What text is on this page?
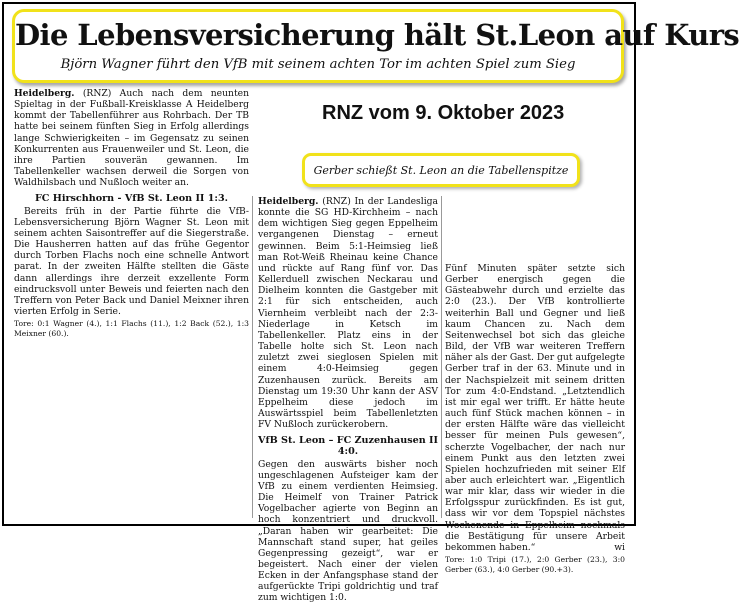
Die Lebensversicherung hält St.Leon auf Kurs
Björn Wagner führt den VfB mit seinem achten Tor im achten Spiel zum Sieg

Heidelberg. (RNZ) Auch nach dem neunten Spieltag in der Fußball-Kreisklasse A Heidelberg kommt der Tabellenführer aus Rohrbach. Der TB hatte bei seinem fünften Sieg in Erfolg allerdings lange Schwierigkeiten – im Gegensatz zu seinen Konkurrenten aus Frauenweiler und St. Leon, die ihre Partien souverän gewannen. Im Tabellenkeller wachsen derweil die Sorgen von Waldhilsbach und Nußloch weiter an.

FC Hirschhorn - VfB St. Leon II 1:3.

Bereits früh in der Partie führte die VfB-Lebensversicherung Björn Wagner St. Leon mit seinem achten Saisontreffer auf die Siegerstraße. Die Hausherren hatten auf das frühe Gegentor durch Torben Flachs noch eine schnelle Antwort parat. In der zweiten Hälfte stellten die Gäste dann allerdings ihre derzeit exzellente Form eindrucksvoll unter Beweis und feierten nach den Treffern von Peter Back und Daniel Meixner ihren vierten Erfolg in Serie.

Tore: 0:1 Wagner (4.), 1:1 Flachs (11.), 1:2 Back (52.), 1:3 Meixner (60.).

RNZ vom 9. Oktober 2023
Gerber schießt St. Leon an die Tabellenspitze

Heidelberg. (RNZ) In der Landesliga konnte die SG HD-Kirchheim – nach dem wichtigen Sieg gegen Eppelheim vergangenen Dienstag – erneut gewinnen. Beim 5:1-Heimsieg ließ man Rot-Weiß Rheinau keine Chance und rückte auf Rang fünf vor. Das Kellerduell zwischen Neckarau und Dielheim konnten die Gastgeber mit 2:1 für sich entscheiden, auch Viernheim verbleibt nach der 2:3-Niederlage in Ketsch im Tabellenkeller. Platz eins in der Tabelle holte sich St. Leon nach zuletzt zwei sieglosen Spielen mit einem 4:0-Heimsieg gegen Zuzenhausen zurück. Bereits am Dienstag um 19:30 Uhr kann der ASV Eppelheim diese jedoch im Auswärtsspiel beim Tabellenletzten FV Nußloch zurückerobern.

VfB St. Leon – FC Zuzenhausen II 4:0.

Gegen den auswärts bisher noch ungeschlagenen Aufsteiger kam der VfB zu einem verdienten Heimsieg. Die Heimelf von Trainer Patrick Vogelbacher agierte von Beginn an hoch konzentriert und druckvoll. „Daran haben wir gearbeitet: Die Mannschaft stand super, hat geiles Gegenpressing gezeigt“, war er begeistert. Nach einer der vielen Ecken in der Anfangsphase stand der aufgerückte Tripi goldrichtig und traf zum wichtigen 1:0.

Fünf Minuten später setzte sich Gerber energisch gegen die Gästeabwehr durch und erzielte das 2:0 (23.). Der VfB kontrollierte weiterhin Ball und Gegner und ließ kaum Chancen zu. Nach dem Seitenwechsel bot sich das gleiche Bild, der VfB war weiteren Treffern näher als der Gast. Der gut aufgelegte Gerber traf in der 63. Minute und in der Nachspielzeit mit seinem dritten Tor zum 4:0-Endstand. „Letztendlich ist mir egal wer trifft. Er hätte heute auch fünf Stück machen können – in der ersten Hälfte wäre das vielleicht besser für meinen Puls gewesen“, scherzte Vogelbacher, der nach nur einem Punkt aus den letzten zwei Spielen hochzufrieden mit seiner Elf aber auch erleichtert war. „Eigentlich war mir klar, dass wir wieder in die Erfolgsspur zurückfinden. Es ist gut, dass wir vor dem Topspiel nächstes Wochenende in Eppelheim nochmals die Bestätigung für unsere Arbeit bekommen haben.“	wi

Tore: 1:0 Tripi (17.), 2:0 Gerber (23.), 3:0 Gerber (63.), 4:0 Gerber (90.+3).
